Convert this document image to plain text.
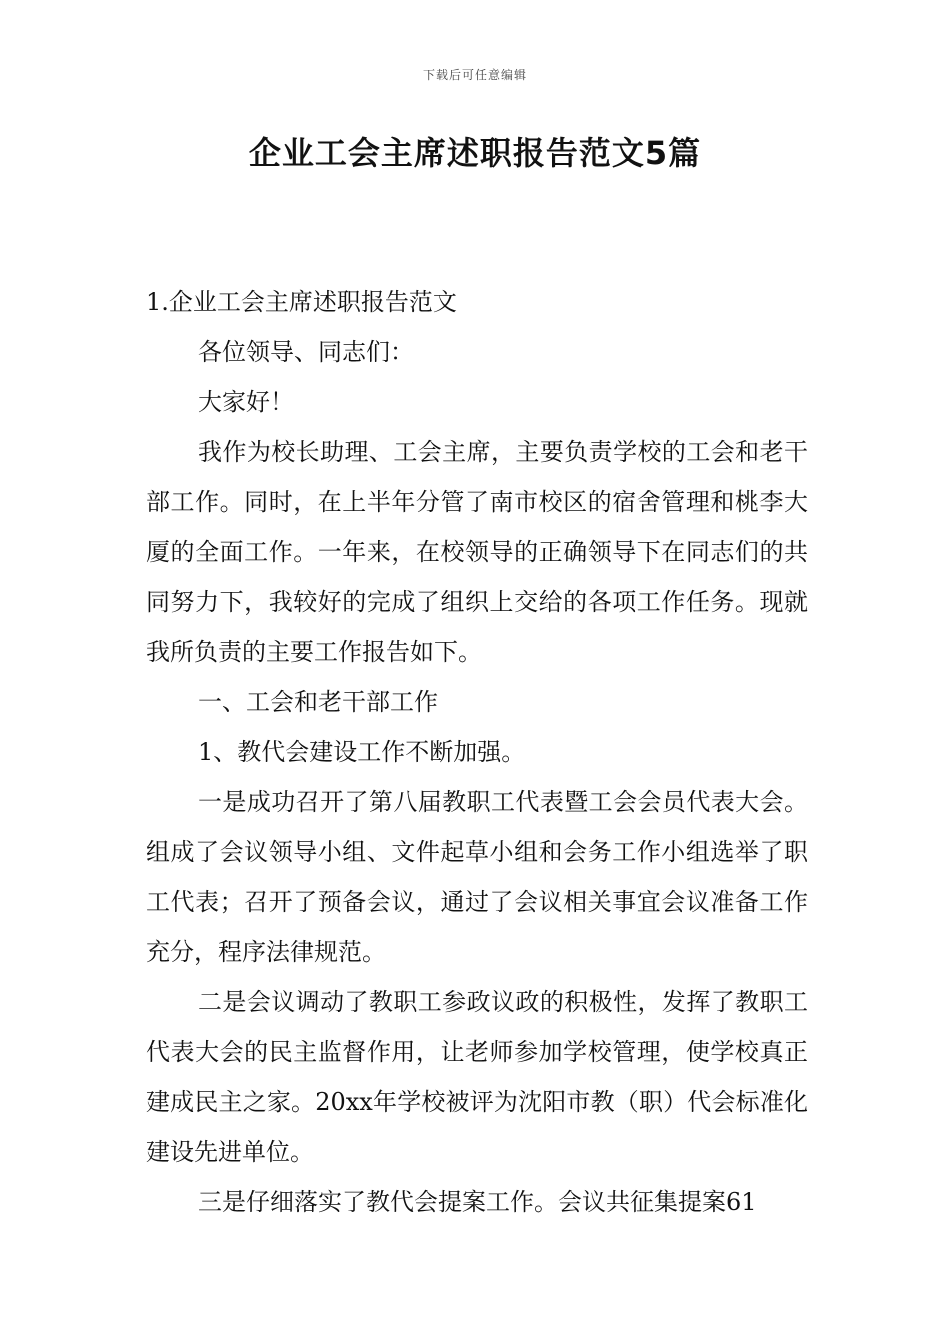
下载后可任意编辑
企业工会主席述职报告范文5篇

1.企业工会主席述职报告范文

各位领导、同志们：

大家好！

我作为校长助理、工会主席，主要负责学校的工会和老干部工作。同时，在上半年分管了南市校区的宿舍管理和桃李大厦的全面工作。一年来，在校领导的正确领导下在同志们的共同努力下，我较好的完成了组织上交给的各项工作任务。现就我所负责的主要工作报告如下。

一、工会和老干部工作

1、教代会建设工作不断加强。

一是成功召开了第八届教职工代表暨工会会员代表大会。组成了会议领导小组、文件起草小组和会务工作小组选举了职工代表；召开了预备会议，通过了会议相关事宜会议准备工作充分，程序法律规范。

二是会议调动了教职工参政议政的积极性，发挥了教职工代表大会的民主监督作用，让老师参加学校管理，使学校真正建成民主之家。20xx年学校被评为沈阳市教（职）代会标准化建设先进单位。

三是仔细落实了教代会提案工作。会议共征集提案61
